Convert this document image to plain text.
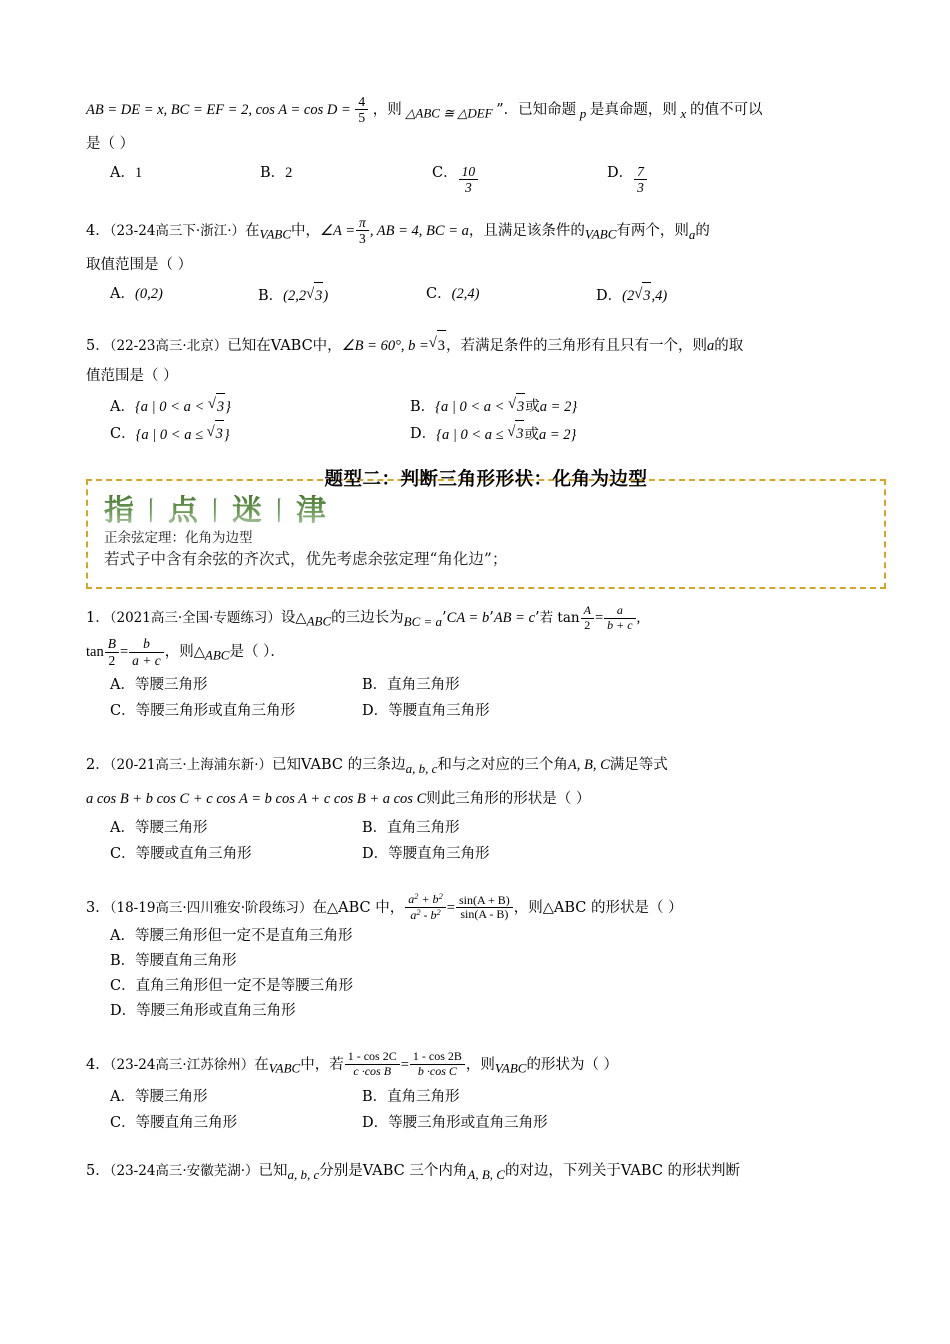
AB = DE = x, BC = EF = 2, $\cos A = \cos D = \frac{4}{5}$ ，则 △ABC ≅ △DEF ”．已知命题 p 是真命题，则 x 的值不可以
是（ ）
A． 1	B． 2	C． $\frac{10}{3}$	D． $\frac{7}{3}$
4．（23-24高三下·浙江·）在VABC中，∠A = $\frac{\pi}{3}$ , AB = 4, BC = a，且满足该条件的VABC有两个，则a的
取值范围是（ ）
A． (0,2)	B． (2,2 √ 3)	C． (2,4)	D． (2 √ 3,4)
5．（22-23高三·北京）已知在VABC中，∠B = 60°, b = √ 3，若满足条件的三角形有且只有一个，则a的取
值范围是（ ）
A． {a | 0 < a < √ 3}	B． {a | 0 < a < √ 3或a = 2}
C． {a | 0 < a ≤ √ 3}	D． {a | 0 < a ≤ √ 3或a = 2}
题型二：判断三角形形状：化角为边型
指丨点丨迷丨津
正余弦定理：化角为边型
若式子中含有余弦的齐次式，优先考虑余弦定理“角化边”；
1．（2021高三·全国·专题练习）设△ABC的三边长为BC = a’CA = b’AB = c’若 $\tan \frac{A}{2} = \frac{a}{b + c}$ ,
$\tan \frac{B}{2} = \frac{b}{a + c}$ ，则△ABC是（ ）．
A． 等腰三角形	B． 直角三角形
C． 等腰三角形或直角三角形	D． 等腰直角三角形
2．（20-21高三·上海浦东新·）已知VABC 的三条边a, b, c和与之对应的三个角A, B, C满足等式
a cos B + b cos C + c cos A = b cos A + c cos B + a cos C则此三角形的形状是（ ）
A． 等腰三角形	B． 直角三角形
C． 等腰或直角三角形	D． 等腰直角三角形
3．（18-19高三·四川雅安·阶段练习）在△ABC 中， $\frac{a^2 + b^2}{a^2 - b^2} = \frac{\sin(A + B)}{\sin(A - B)}$ ，则△ABC 的形状是（ ）
A．等腰三角形但一定不是直角三角形
B．等腰直角三角形
C．直角三角形但一定不是等腰三角形
D．等腰三角形或直角三角形
4．（23-24高三·江苏徐州）在VABC中，若 $\frac{1 - \cos 2C}{\text{c ·cos B}} = \frac{1 - \cos 2B}{\text{b ·cos C}}$ ，则VABC的形状为（ ）
A． 等腰三角形	B． 直角三角形
C． 等腰直角三角形	D． 等腰三角形或直角三角形
5．（23-24高三·安徽芜湖·）已知a, b, c分别是VABC 三个内角A, B, C的对边，下列关于VABC 的形状判断
